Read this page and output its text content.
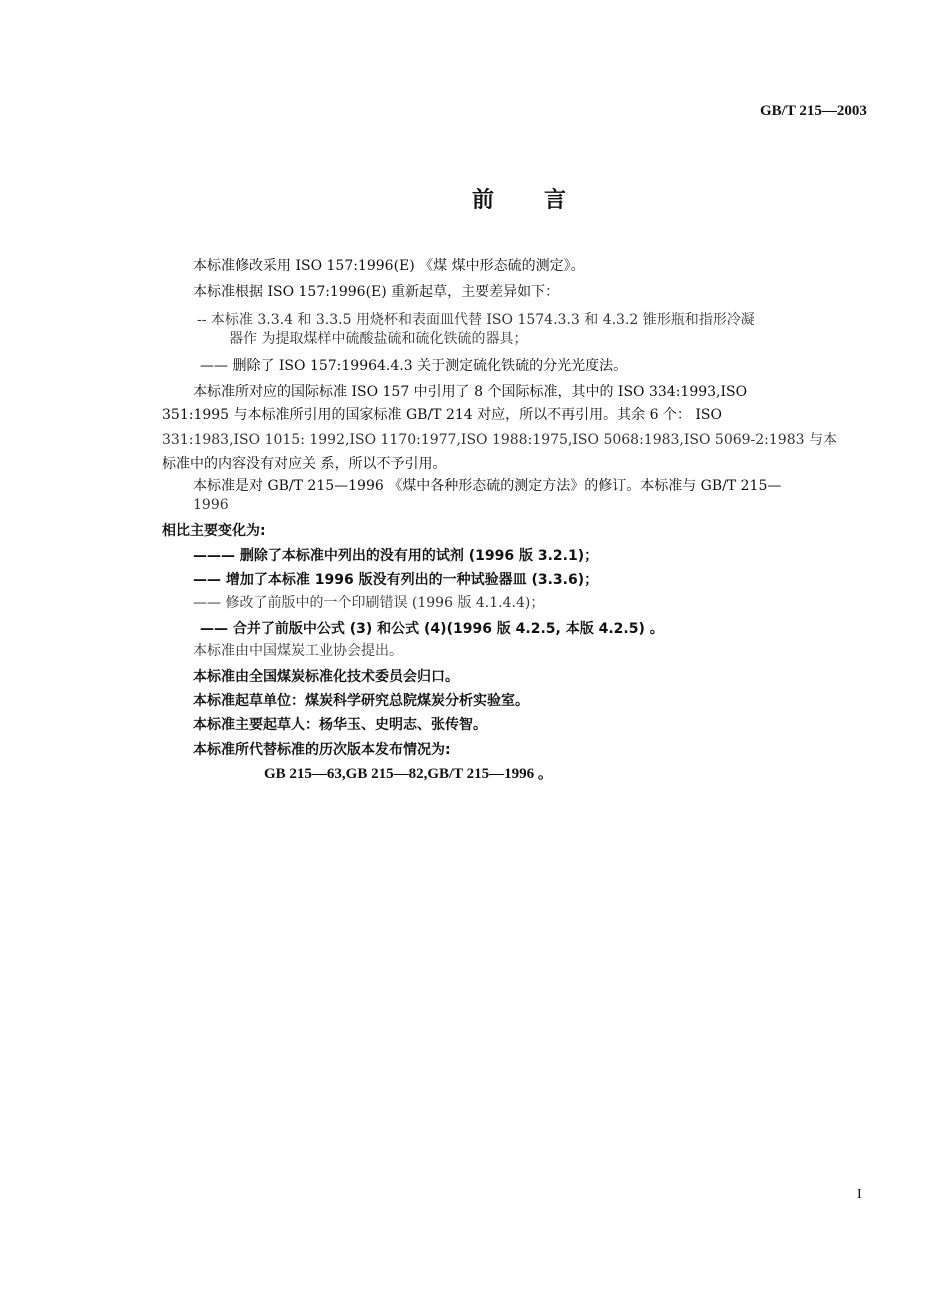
GB/T 215—2003
前 言
本标准修改采用 ISO 157:1996(E) 《煤 煤中形态硫的测定》。
本标准根据 ISO 157:1996(E) 重新起草，主要差异如下：
-- 本标准 3.3.4 和 3.3.5 用烧杯和表面皿代替 ISO 1574.3.3 和 4.3.2 锥形瓶和指形冷凝
器作 为提取煤样中硫酸盐硫和硫化铁硫的器具；
—— 删除了 ISO 157:19964.4.3 关于测定硫化铁硫的分光光度法。
本标准所对应的国际标准 ISO 157 中引用了 8 个国际标准，其中的 ISO 334:1993,ISO
351:1995 与本标准所引用的国家标准 GB/T 214 对应，所以不再引用。其余 6 个： ISO
331:1983,ISO 1015: 1992,ISO 1170:1977,ISO 1988:1975,ISO 5068:1983,ISO 5069-2:1983 与本
标准中的内容没有对应关 系，所以不予引用。
本标准是对 GB/T 215—1996 《煤中各种形态硫的测定方法》的修订。本标准与 GB/T 215—
1996
相比主要变化为:
——— 删除了本标准中列出的没有用的试剂 (1996 版 3.2.1)；
—— 增加了本标准 1996 版没有列出的一种试验器皿 (3.3.6)；
—— 修改了前版中的一个印刷错误 (1996 版 4.1.4.4)；
—— 合并了前版中公式 (3) 和公式 (4)(1996 版 4.2.5, 本版 4.2.5) 。
本标准由中国煤炭工业协会提出。
本标准由全国煤炭标准化技术委员会归口。
本标准起草单位：煤炭科学研究总院煤炭分析实验室。
本标准主要起草人：杨华玉、史明志、张传智。
本标准所代替标准的历次版本发布情况为:
GB 215—63,GB 215—82,GB/T 215—1996 。
I
